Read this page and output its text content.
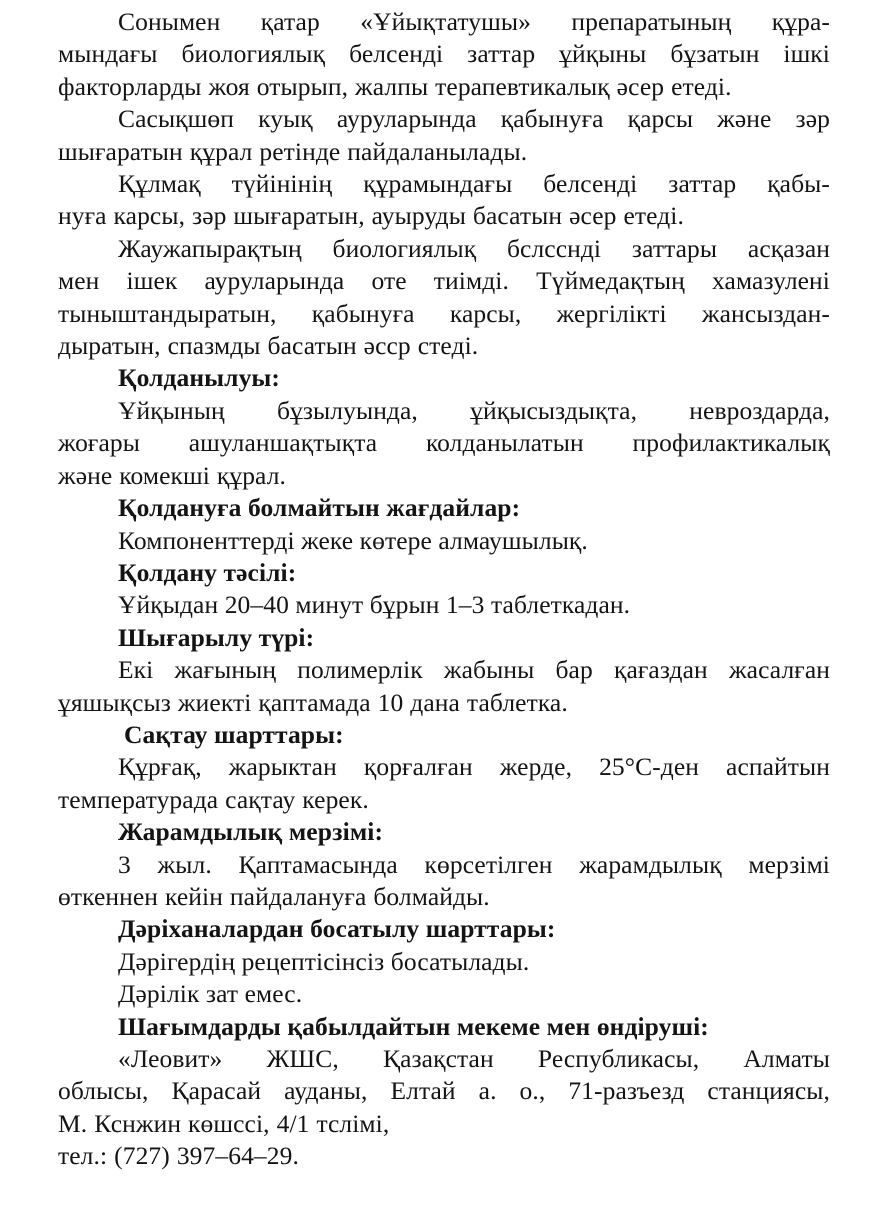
Сонымен қатар «Ұйықтатушы» препаратының құра-
мындағы биологиялық белсенді заттар ұйқыны бұзатын ішкі
факторларды жоя отырып, жалпы терапевтикалық әсер етеді.

Сасықшөп куық ауруларында қабынуға қарсы және зәр
шығаратын құрал ретінде пайдаланылады.

Құлмақ түйінінің құрамындағы белсенді заттар қабы-
нуға карсы, зәр шығаратын, ауыруды басатын әсер етеді.

Жаужапырақтың биологиялық бслсснді заттары асқазан
мен ішек ауруларында оте тиімді. Түймедақтың хамазулені
тыныштандыратын, қабынуға карсы, жергілікті жансыздан-
дыратын, спазмды басатын әсср стеді.

Қолданылуы:

Ұйқының бұзылуында, ұйқысыздықта, невроздарда,
жоғары ашуланшақтықта колданылатын профилактикалық
және комекші құрал.

Қолдануға болмайтын жағдайлар:

Компоненттерді жеке көтере алмаушылық.

Қолдану тәсілі:

Ұйқыдан 20–40 минут бұрын 1–3 таблеткадан.

Шығарылу түрі:

Екі жағының полимерлік жабыны бар қағаздан жасалған
ұяшықсыз жиекті қаптамада 10 дана таблетка.

Сақтау шарттары:

Құрғақ, жарыктан қорғалған жерде, 25°С-ден аспайтын
температурада сақтау керек.

Жарамдылық мерзімі:

3 жыл. Қаптамасында көрсетілген жарамдылық мерзімі
өткеннен кейін пайдалануға болмайды.

Дәріханалардан босатылу шарттары:

Дәрігердің рецептісінсіз босатылады.

Дәрілік зат емес.

Шағымдарды қабылдайтын мекеме мен өндіруші:

«Леовит» ЖШС, Қазақстан Республикасы, Алматы
облысы, Қарасай ауданы, Елтай а. о., 71-разъезд станциясы,
М. Кснжин көшссі, 4/1 тслімі,
тел.: (727) 397–64–29.
